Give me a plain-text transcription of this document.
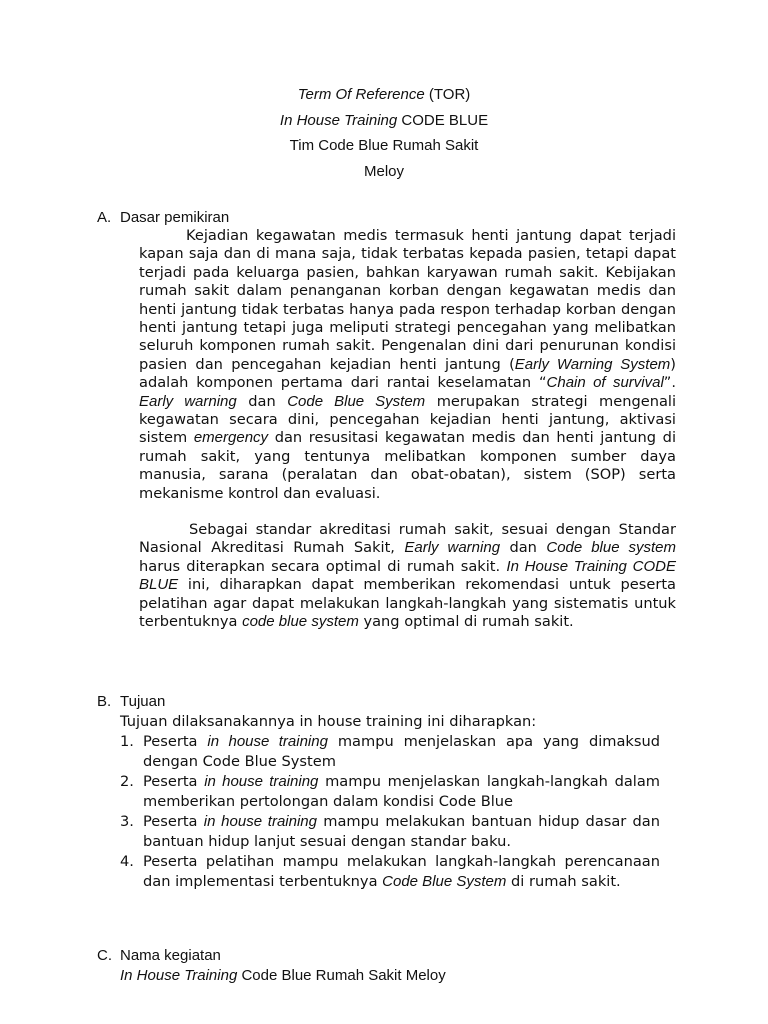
Term Of Reference (TOR)
In House Training CODE BLUE
Tim Code Blue Rumah Sakit
Meloy
A. Dasar pemikiran

Kejadian kegawatan medis termasuk henti jantung dapat terjadi kapan saja dan di mana saja, tidak terbatas kepada pasien, tetapi dapat terjadi pada keluarga pasien, bahkan karyawan rumah sakit. Kebijakan rumah sakit dalam penanganan korban dengan kegawatan medis dan henti jantung tidak terbatas hanya pada respon terhadap korban dengan henti jantung tetapi juga meliputi strategi pencegahan yang melibatkan seluruh komponen rumah sakit. Pengenalan dini dari penurunan kondisi pasien dan pencegahan kejadian henti jantung (Early Warning System) adalah komponen pertama dari rantai keselamatan “Chain of survival”. Early warning dan Code Blue System merupakan strategi mengenali kegawatan secara dini, pencegahan kejadian henti jantung, aktivasi sistem emergency dan resusitasi kegawatan medis dan henti jantung di rumah sakit, yang tentunya melibatkan komponen sumber daya manusia, sarana (peralatan dan obat-obatan), sistem (SOP) serta mekanisme kontrol dan evaluasi.

Sebagai standar akreditasi rumah sakit, sesuai dengan Standar Nasional Akreditasi Rumah Sakit, Early warning dan Code blue system harus diterapkan secara optimal di rumah sakit. In House Training CODE BLUE ini, diharapkan dapat memberikan rekomendasi untuk peserta pelatihan agar dapat melakukan langkah-langkah yang sistematis untuk terbentuknya code blue system yang optimal di rumah sakit.

B. Tujuan
Tujuan dilaksanakannya in house training ini diharapkan:
1. Peserta in house training mampu menjelaskan apa yang dimaksud dengan Code Blue System
2. Peserta in house training mampu menjelaskan langkah-langkah dalam memberikan pertolongan dalam kondisi Code Blue
3. Peserta in house training mampu melakukan bantuan hidup dasar dan bantuan hidup lanjut sesuai dengan standar baku.
4. Peserta pelatihan mampu melakukan langkah-langkah perencanaan dan implementasi terbentuknya Code Blue System di rumah sakit.
C. Nama kegiatan
In House Training Code Blue Rumah Sakit Meloy
